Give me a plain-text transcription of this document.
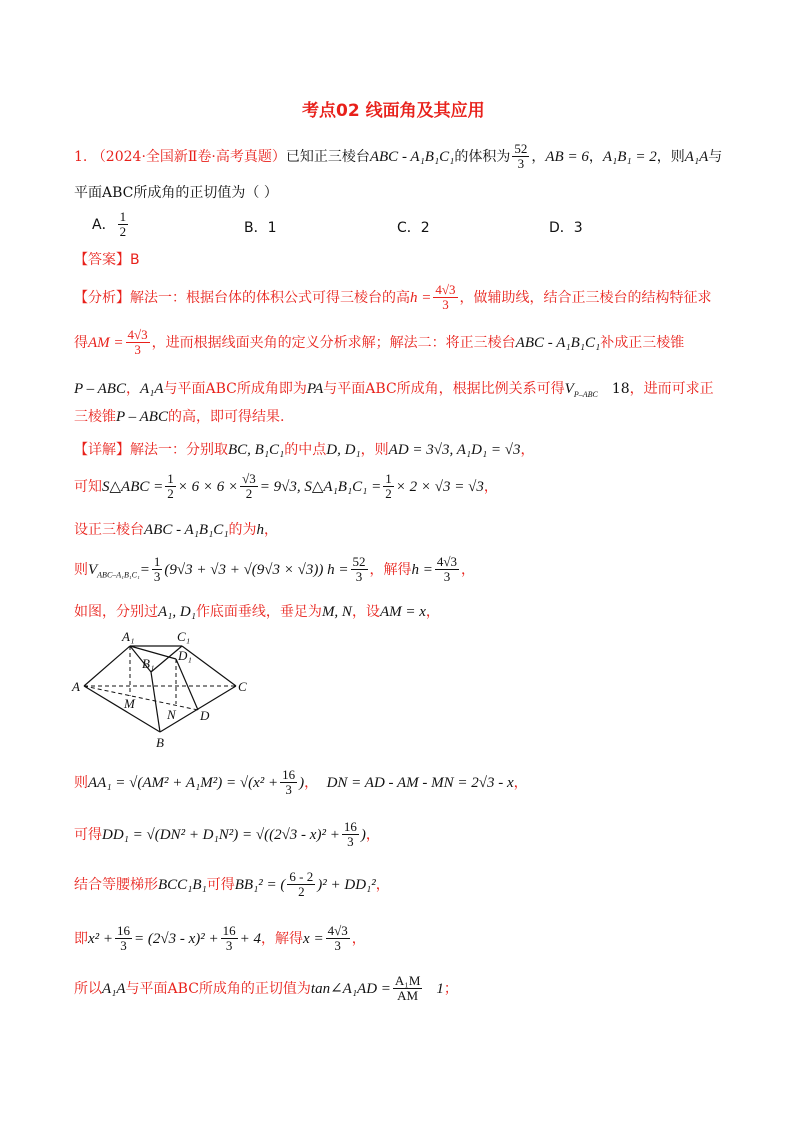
考点02 线面角及其应用
1. （2024·全国新Ⅱ卷·高考真题）已知正三棱台ABC - A₁B₁C₁的体积为 $\frac{52}{3}$ ，AB = 6，A₁B₁ = 2，则A₁A与
平面ABC所成角的正切值为（ ）
A． $\frac{1}{2}$	B．1	C．2	D．3
【答案】B
【分析】解法一：根据台体的体积公式可得三棱台的高$h = \frac{4√3}{3}$ ，做辅助线，结合正三棱台的结构特征求
得AM = $\frac{4√3}{3}$ ，进而根据线面夹角的定义分析求解；解法二：将正三棱台ABC - A₁B₁C₁补成正三棱锥
P – ABC，A₁A与平面ABC所成角即为PA与平面ABC所成角，根据比例关系可得$V_{P-ABC}$ 18，进而可求正
三棱锥P – ABC的高，即可得结果.
【详解】解法一：分别取BC, B₁C₁的中点D, D₁，则AD = 3√3, A₁D₁ = √3，
可知S△ABC = $\frac{1}{2} \times 6 \times 6 \times \frac{√3}{2} = 9√3$, S△A₁B₁C₁ = $\frac{1}{2} \times 2 \times √3 = √3$，
设正三棱台ABC - A₁B₁C₁的为h，
则$V_{ABC-A_1B_1C_1}= \frac{1}{3} (9√3 + √3 + √(9√3 \times √3)) h = \frac{52}{3}$ ，解得$h = \frac{4√3}{3}$ ，
如图，分别过A₁, D₁作底面垂线，垂足为M, N，设AM = x，
A₁	C₁
B₁
D₁
A	C
M
N D
B
则$AA_1 = √(AM^2 + A_1M^2) = √(x^2 + \frac{16}{3}$ )， DN = AD - AM - MN = 2√3 - x，
可得$DD_1 = √(DN^2 + D_1N^2) = √((2√3 - x)^2 + \frac{16}{3}$ )，
结合等腰梯形BCC₁B₁可得BB₁² = ( $\frac{6 - 2}{2} )^2 + DD_1^2$，
即$x^2 + \frac{16}{3} = (2√3 - x)^2 + \frac{16}{3} + 4$，解得$x = \frac{4√3}{3}$ ，
所以A₁A与平面ABC所成角的正切值为tan∠A₁AD = $\frac{\text{A₁M}}{AM} 1$；
